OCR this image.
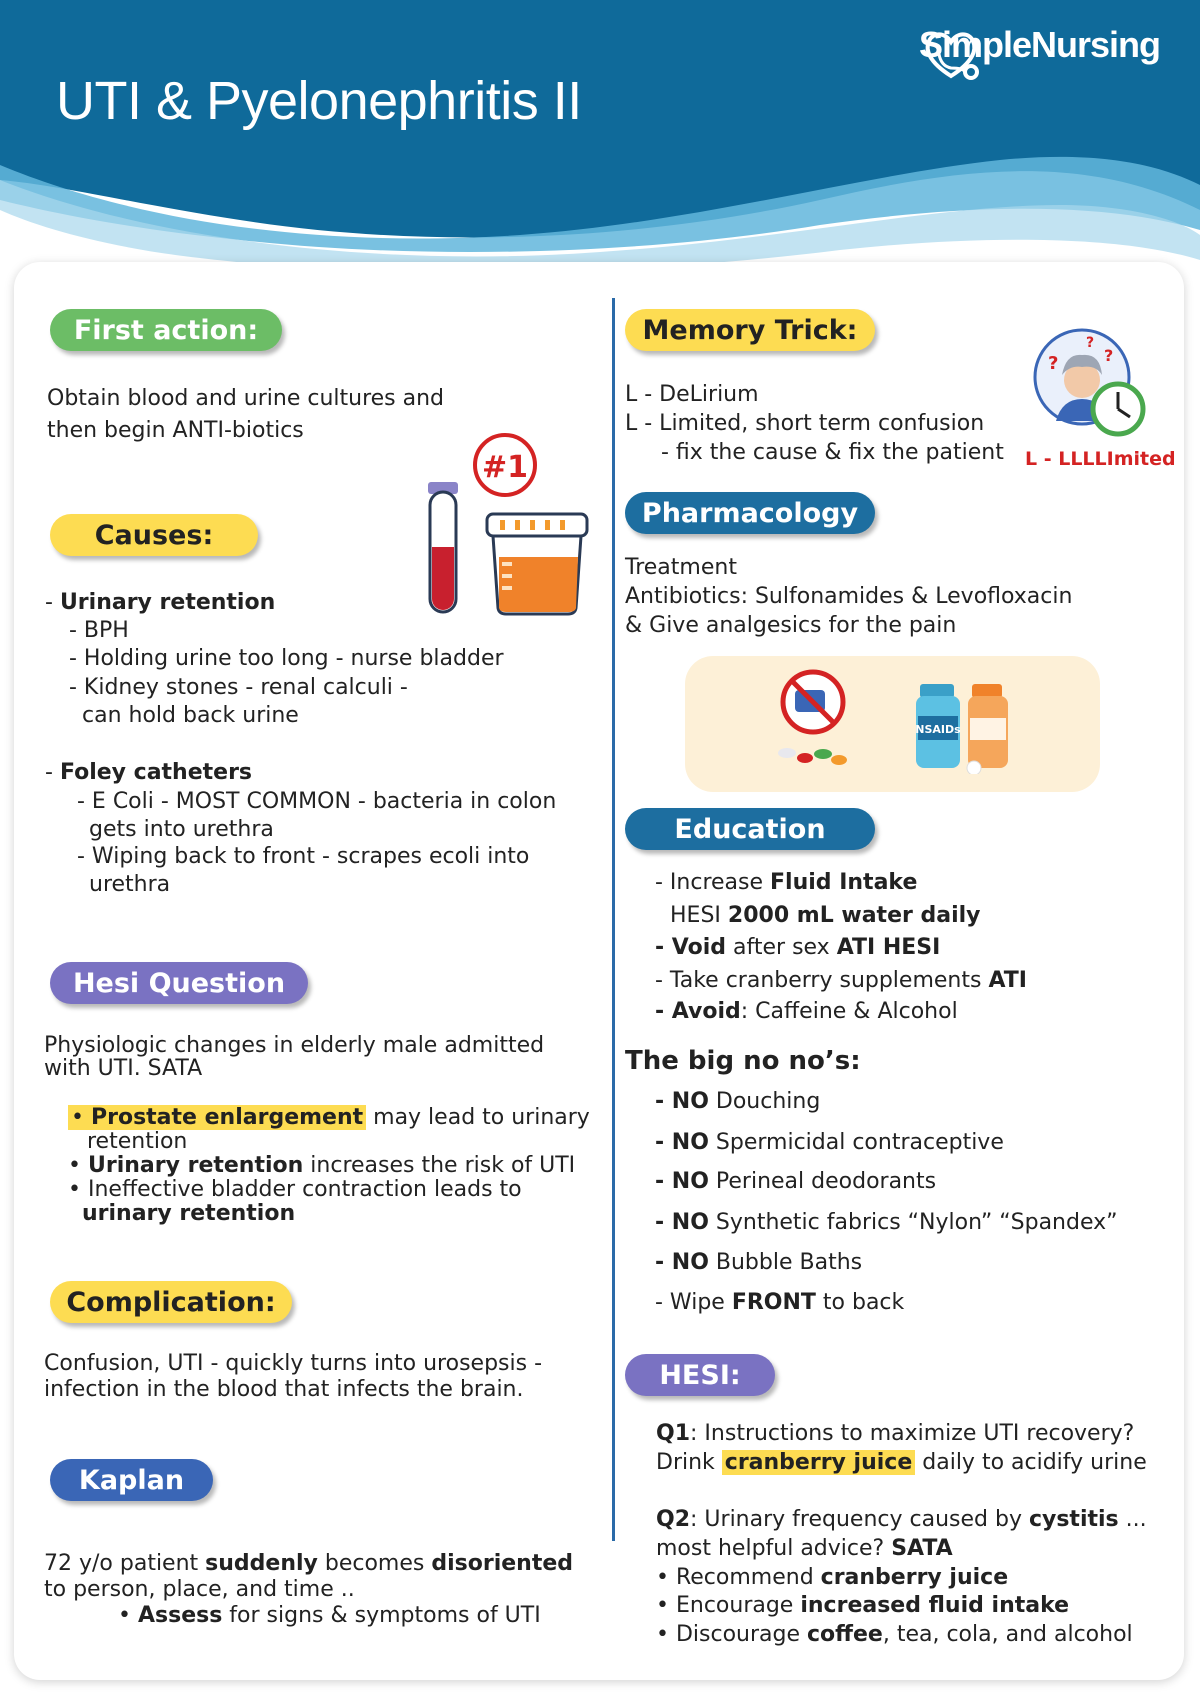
UTI & Pyelonephritis II
SimpleNursing
First action:
Obtain blood and urine cultures and
then begin ANTI-biotics
#1
Causes:
- Urinary retention
- BPH
- Holding urine too long - nurse bladder
- Kidney stones - renal calculi -
can hold back urine
- Foley catheters
- E Coli - MOST COMMON - bacteria in colon
gets into urethra
- Wiping back to front - scrapes ecoli into
urethra
Hesi Question
Physiologic changes in elderly male admitted
with UTI. SATA
• Prostate enlargement may lead to urinary
retention
• Urinary retention increases the risk of UTI
• Ineffective bladder contraction leads to
urinary retention
Complication:
Confusion, UTI - quickly turns into urosepsis -
infection in the blood that infects the brain.
Kaplan
72 y/o patient suddenly becomes disoriented
to person, place, and time ..
• Assess for signs & symptoms of UTI
Memory Trick:
L - DeLirium
L - Limited, short term confusion
- fix the cause & fix the patient
?
?
?
L - LLLLImited
Pharmacology
Treatment
Antibiotics: Sulfonamides & Levofloxacin
& Give analgesics for the pain
NSAIDs
Education
- Increase Fluid Intake
HESI 2000 mL water daily
- Void after sex ATI HESI
- Take cranberry supplements ATI
- Avoid: Caffeine & Alcohol
The big no no’s:
- NO Douching
- NO Spermicidal contraceptive
- NO Perineal deodorants
- NO Synthetic fabrics “Nylon” “Spandex”
- NO Bubble Baths
- Wipe FRONT to back
HESI:
Q1: Instructions to maximize UTI recovery?
Drink cranberry juice daily to acidify urine
Q2: Urinary frequency caused by cystitis ...
most helpful advice? SATA
• Recommend cranberry juice
• Encourage increased fluid intake
• Discourage coffee, tea, cola, and alcohol
